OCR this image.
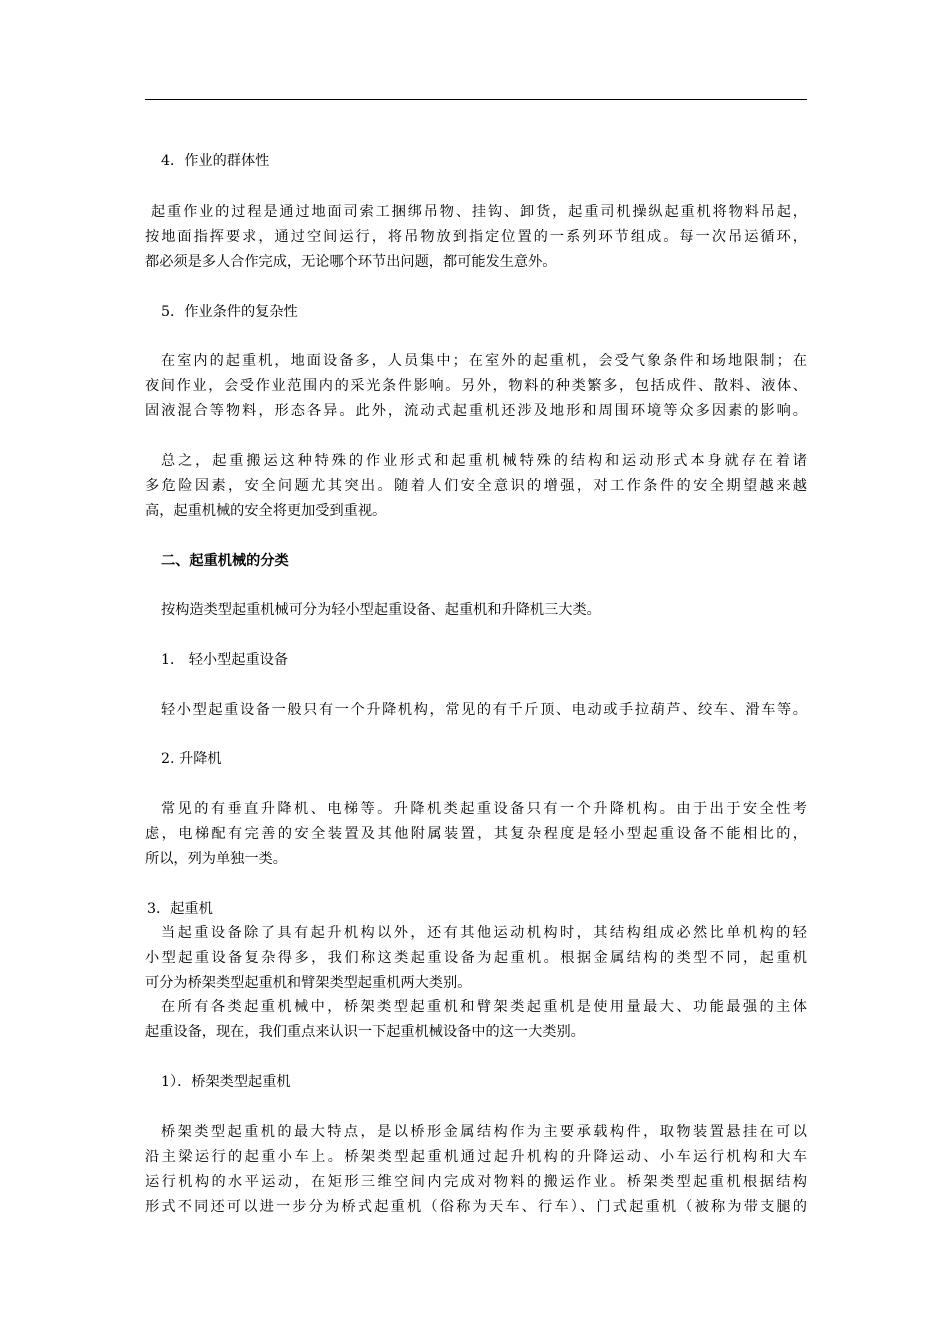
4．作业的群体性
起重作业的过程是通过地面司索工捆绑吊物、挂钩、卸货，起重司机操纵起重机将物料吊起，
按地面指挥要求，通过空间运行，将吊物放到指定位置的一系列环节组成。每一次吊运循环，
都必须是多人合作完成，无论哪个环节出问题，都可能发生意外。
5．作业条件的复杂性
在室内的起重机，地面设备多，人员集中；在室外的起重机，会受气象条件和场地限制；在
夜间作业，会受作业范围内的采光条件影响。另外，物料的种类繁多，包括成件、散料、液体、
固液混合等物料，形态各异。此外，流动式起重机还涉及地形和周围环境等众多因素的影响。
总之，起重搬运这种特殊的作业形式和起重机械特殊的结构和运动形式本身就存在着诸
多危险因素，安全问题尤其突出。随着人们安全意识的增强，对工作条件的安全期望越来越
高，起重机械的安全将更加受到重视。
二、起重机械的分类
按构造类型起重机械可分为轻小型起重设备、起重机和升降机三大类。
1． 轻小型起重设备
轻小型起重设备一般只有一个升降机构，常见的有千斤顶、电动或手拉葫芦、绞车、滑车等。
2. 升降机
常见的有垂直升降机、电梯等。升降机类起重设备只有一个升降机构。由于出于安全性考
虑，电梯配有完善的安全装置及其他附属装置，其复杂程度是轻小型起重设备不能相比的，
所以，列为单独一类。
3．起重机
当起重设备除了具有起升机构以外，还有其他运动机构时，其结构组成必然比单机构的轻
小型起重设备复杂得多，我们称这类起重设备为起重机。根据金属结构的类型不同，起重机
可分为桥架类型起重机和臂架类型起重机两大类别。
在所有各类起重机械中，桥架类型起重机和臂架类起重机是使用量最大、功能最强的主体
起重设备，现在，我们重点来认识一下起重机械设备中的这一大类别。
1）．桥架类型起重机
桥架类型起重机的最大特点，是以桥形金属结构作为主要承载构件，取物装置悬挂在可以
沿主梁运行的起重小车上。桥架类型起重机通过起升机构的升降运动、小车运行机构和大车
运行机构的水平运动，在矩形三维空间内完成对物料的搬运作业。桥架类型起重机根据结构
形式不同还可以进一步分为桥式起重机（俗称为天车、行车）、门式起重机（被称为带支腿的
